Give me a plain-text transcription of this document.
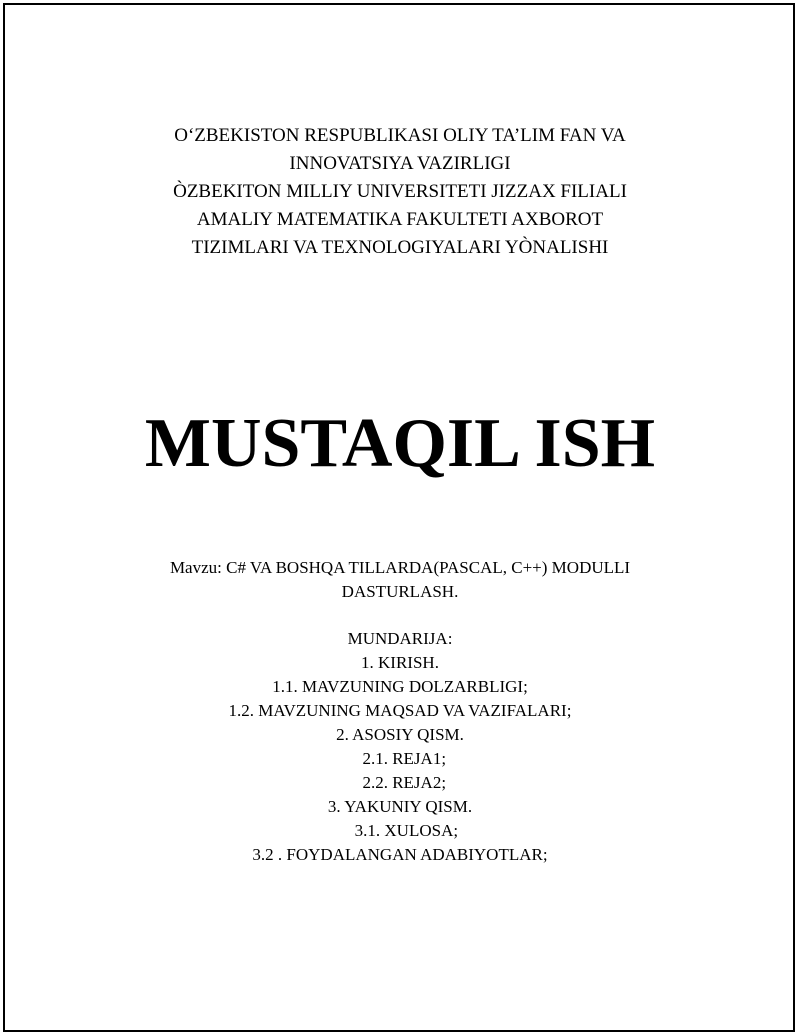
O‘ZBEKISTON RESPUBLIKASI OLIY TA’LIM FAN VA
INNOVATSIYA VAZIRLIGI
ÒZBEKITON MILLIY UNIVERSITETI JIZZAX FILIALI
AMALIY MATEMATIKA FAKULTETI AXBOROT
TIZIMLARI VA TEXNOLOGIYALARI YÒNALISHI
MUSTAQIL ISH
Mavzu: C# VA BOSHQA TILLARDA(PASCAL, C++) MODULLI
DASTURLASH.
MUNDARIJA:
1. KIRISH.
1.1. MAVZUNING DOLZARBLIGI;
1.2. MAVZUNING MAQSAD VA VAZIFALARI;
2. ASOSIY QISM.
2.1. REJA1;
2.2. REJA2;
3. YAKUNIY QISM.
3.1. XULOSA;
3.2 . FOYDALANGAN ADABIYOTLAR;
